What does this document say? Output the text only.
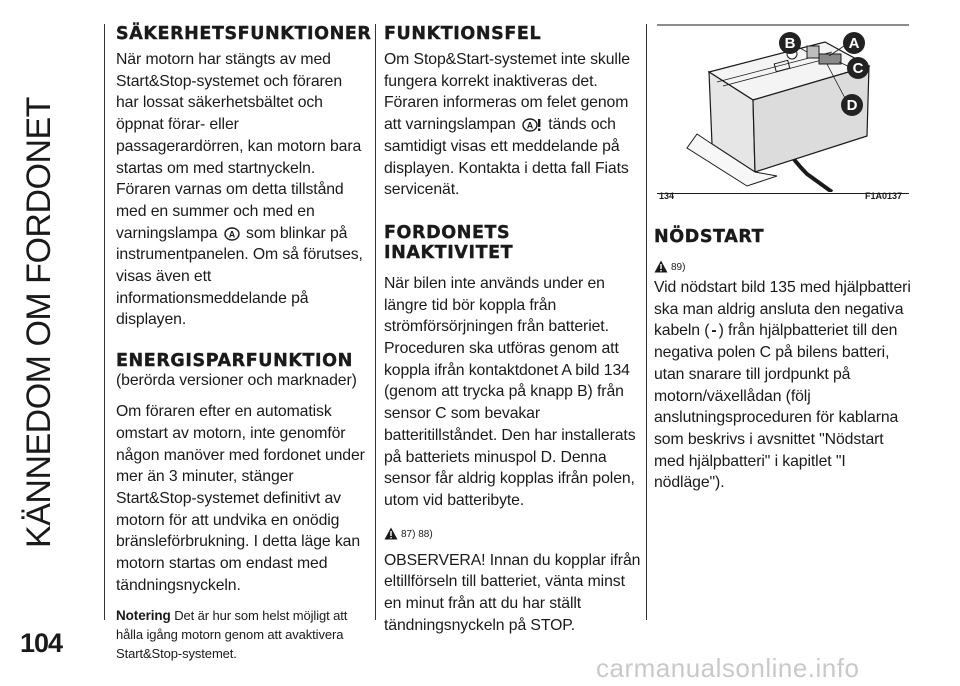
KÄNNEDOM OM FORDONET
104
carmanualsonline.info
SÄKERHETSFUNKTIONER

När motorn har stängts av med Start&Stop-systemet och föraren har lossat säkerhetsbältet och öppnat förar- eller passagerardörren, kan motorn bara startas om med startnyckeln. Föraren varnas om detta tillstånd med en summer och med en varningslampa A som blinkar på instrumentpanelen. Om så förutses, visas även ett informationsmeddelande på displayen.

ENERGISPARFUNKTION

(berörda versioner och marknader)

Om föraren efter en automatisk omstart av motorn, inte genomför någon manöver med fordonet under mer än 3 minuter, stänger Start&Stop-systemet definitivt av motorn för att undvika en onödig bränsleförbrukning. I detta läge kan motorn startas om endast med tändningsnyckeln.

Notering Det är hur som helst möjligt att hålla igång motorn genom att avaktivera Start&Stop-systemet.

FUNKTIONSFEL

Om Stop&Start-systemet inte skulle fungera korrekt inaktiveras det. Föraren informeras om felet genom att varningslampan A tänds och samtidigt visas ett meddelande på displayen. Kontakta i detta fall Fiats servicenät.

FORDONETS
INAKTIVITET

När bilen inte används under en längre tid bör koppla från strömförsörjningen från batteriet. Proceduren ska utföras genom att koppla ifrån kontaktdonet A bild 134 (genom att trycka på knapp B) från sensor C som bevakar batteritillståndet. Den har installerats på batteriets minuspol D. Denna sensor får aldrig kopplas ifrån polen, utom vid batteribyte.

87) 88)

OBSERVERA! Innan du kopplar ifrån eltillförseln till batteriet, vänta minst en minut från att du har ställt tändningsnyckeln på STOP.

B	A
C
D
134	F1A0137
NÖDSTART
89)

Vid nödstart bild 135 med hjälpbatteri ska man aldrig ansluta den negativa kabeln ( - ) från hjälpbatteriet till den negativa polen C på bilens batteri, utan snarare till jordpunkt på motorn/växellådan (följ anslutningsproceduren för kablarna som beskrivs i avsnittet "Nödstart med hjälpbatteri" i kapitlet "I nödläge").
